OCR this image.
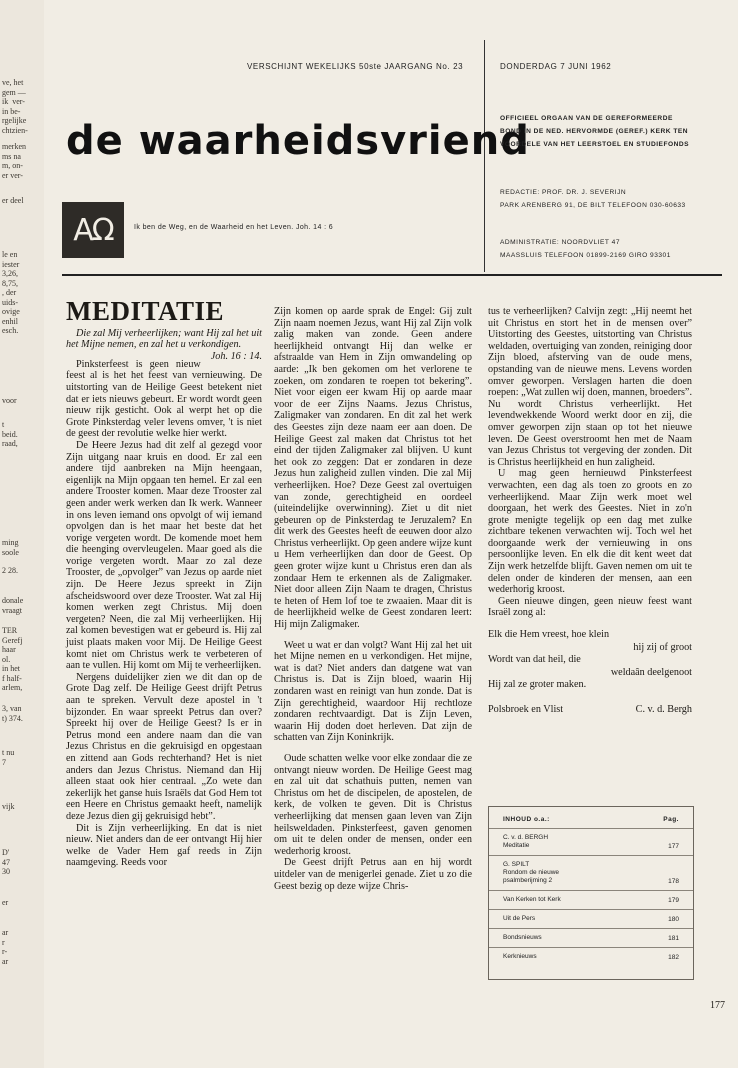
ve, het
gem —
ik  ver-
in be-
rgelijke
chtzien-
merken
ms na
m, on-
er ver-
er deel
le en
iester
3,26,
8,75,
, der
uids-
ovige
enhil
esch.
voor
t
beid.
raad,
ming
soole
2 28.
donale
vraagt
TER
Gerefj
haar
ol.
in het
f half-
arlem,
3, van
t) 374.
t nu
7
vijk
D'
47
30
er
ar
r
r-
ar
VERSCHIJNT WEKELIJKS 50ste JAARGANG No. 23	DONDERDAG 7 JUNI 1962
de waarheidsvriend
AΩ	Ik ben de Weg, en de Waarheid en het Leven. Joh. 14 : 6
OFFICIEEL ORGAAN VAN DE GEREFORMEERDE
BOND IN DE NED. HERVORMDE (GEREF.) KERK TEN
VOORDELE VAN HET LEERSTOEL EN STUDIEFONDS
REDACTIE: PROF. DR. J. SEVERIJN
PARK ARENBERG 91, DE BILT TELEFOON 030-60633
ADMINISTRATIE: NOORDVLIET 47
MAASSLUIS TELEFOON 01899-2169 GIRO 93301
MEDITATIE
Die zal Mij verheerlijken; want Hij zal het uit het Mijne nemen, en zal het u verkondigen.
Joh. 16 : 14.

Pinksterfeest is geen nieuw feest al is het het feest van vernieuwing. De uitstorting van de Heilige Geest betekent niet dat er iets nieuws gebeurt. Er wordt wordt geen nieuw rijk gesticht. Ook al werpt het op die Grote Pinksterdag veler levens omver, 't is niet de geest der revolutie welke hier werkt.

De Heere Jezus had dit zelf al gezegd voor Zijn uitgang naar kruis en dood. Er zal een andere tijd aanbreken na Mijn heengaan, eigenlijk na Mijn opgaan ten hemel. Er zal een andere Trooster komen. Maar deze Trooster zal geen ander werk werken dan Ik werk. Wanneer in ons leven iemand ons opvolgt of wij iemand opvolgen dan is het maar het beste dat het vorige vergeten wordt. De komende moet hem die heenging overvleugelen. Maar goed als die vorige vergeten wordt. Maar zo zal deze Trooster, de „opvolger” van Jezus op aarde niet zijn. De Heere Jezus spreekt in Zijn afscheidswoord over deze Trooster. Wat zal Hij komen werken zegt Christus. Mij doen vergeten? Neen, die zal Mij verheerlijken. Hij zal komen bevestigen wat er gebeurd is. Hij zal juist plaats maken voor Mij. De Heilige Geest komt niet om Christus werk te verbeteren of aan te vullen. Hij komt om Mij te verheerlijken.

Nergens duidelijker zien we dit dan op de Grote Dag zelf. De Heilige Geest drijft Petrus aan te spreken. Vervult deze apostel in 't bijzonder. En waar spreekt Petrus dan over? Spreekt hij over de Heilige Geest? Is er in Petrus mond een andere naam dan die van Jezus Christus en die gekruisigd en opgestaan en zittend aan Gods rechterhand? Het is niet anders dan Jezus Christus. Niemand dan Hij alleen staat ook hier centraal. „Zo wete dan zekerlijk het ganse huis Israëls dat God Hem tot een Heere en Christus gemaakt heeft, namelijk deze Jezus dien gij gekruisigd hebt”.

Dit is Zijn verheerlijking. En dat is niet nieuw. Niet anders dan de eer ontvangt Hij hier welke de Vader Hem gaf reeds in Zijn naamgeving. Reeds voor

Zijn komen op aarde sprak de Engel: Gij zult Zijn naam noemen Jezus, want Hij zal Zijn volk zalig maken van zonde. Geen andere heerlijkheid ontvangt Hij dan welke er afstraalde van Hem in Zijn omwandeling op aarde: „Ik ben gekomen om het verlorene te zoeken, om zondaren te roepen tot bekering”. Niet voor eigen eer kwam Hij op aarde maar voor de eer Zijns Naams. Jezus Christus, Zaligmaker van zondaren. En dit zal het werk des Geestes zijn deze naam eer aan doen. De Heilige Geest zal maken dat Christus tot het eind der tijden Zaligmaker zal blijven. U kunt het ook zo zeggen: Dat er zondaren in deze Jezus hun zaligheid zullen vinden. Die zal Mij verheerlijken. Hoe? Deze Geest zal overtuigen van zonde, gerechtigheid en oordeel (uiteindelijke overwinning). Ziet u dit niet gebeuren op de Pinksterdag te Jeruzalem? En dit werk des Geestes heeft de eeuwen door alzo Christus verheerlijkt. Op geen andere wijze kunt u Hem verheerlijken dan door de Geest. Op geen groter wijze kunt u Christus eren dan als zondaar Hem te erkennen als de Zaligmaker. Niet door alleen Zijn Naam te dragen, Christus te heten of Hem lof toe te zwaaien. Maar dit is de heerlijkheid welke de Geest zondaren leert: Hij mijn Zaligmaker.

Weet u wat er dan volgt? Want Hij zal het uit het Mijne nemen en u verkondigen. Het mijne, wat is dat? Niet anders dan datgene wat van Christus is. Dat is Zijn bloed, waarin Hij zondaren wast en reinigt van hun zonde. Dat is Zijn gerechtigheid, waardoor Hij rechtloze zondaren rechtvaardigt. Dat is Zijn Leven, waarin Hij doden doet herleven. Dat zijn de schatten van Zijn Koninkrijk.

Oude schatten welke voor elke zondaar die ze ontvangt nieuw worden. De Heilige Geest mag en zal uit dat schathuis putten, nemen van Christus om het de discipelen, de apostelen, de kerk, de volken te geven. Dit is Christus verheerlijking dat mensen gaan leven van Zijn heilsweldaden. Pinksterfeest, gaven genomen om uit te delen onder de mensen, onder een wederhorig kroost.

De Geest drijft Petrus aan en hij wordt uitdeler van de menigerlei genade. Ziet u zo die Geest bezig op deze wijze Chris-

tus te verheerlijken? Calvijn zegt: „Hij neemt het uit Christus en stort het in de mensen over” Uitstorting des Geestes, uitstorting van Christus weldaden, overtuiging van zonden, reiniging door Zijn bloed, afsterving van de oude mens, opstanding van de nieuwe mens. Levens worden omver geworpen. Verslagen harten die doen roepen: „Wat zullen wij doen, mannen, broeders”. Nu wordt Christus verheerlijkt. Het levendwekkende Woord werkt door en zij, die omver geworpen zijn staan op tot het nieuwe leven. De Geest overstroomt hen met de Naam van Jezus Christus tot vergeving der zonden. Dit is Christus heerlijkheid en hun zaligheid.

U mag geen hernieuwd Pinksterfeest verwachten, een dag als toen zo groots en zo verheerlijkend. Maar Zijn werk moet wel doorgaan, het werk des Geestes. Niet in zo'n grote menigte tegelijk op een dag met zulke zichtbare tekenen verwachten wij. Toch wel het doorgaande werk der vernieuwing in ons persoonlijke leven. En elk die dit kent weet dat Zijn werk hetzelfde blijft. Gaven nemen om uit te delen onder de kinderen der mensen, aan een wederhorig kroost.

Geen nieuwe dingen, geen nieuw feest want Israël zong al:

Elk die Hem vreest, hoe klein
hij zij of groot
Wordt van dat heil, die
weldaân deelgenoot
Hij zal ze groter maken.
Polsbroek en Vlist	C. v. d. Bergh
INHOUD o.a.:	Pag.
C. v. d. BERGH
Meditatie	177
G. SPILT
Rondom de nieuwe
psalmberijming 2	178
Van Kerken tot Kerk	179
Uit de Pers	180
Bondsnieuws	181
Kerknieuws	182
177
